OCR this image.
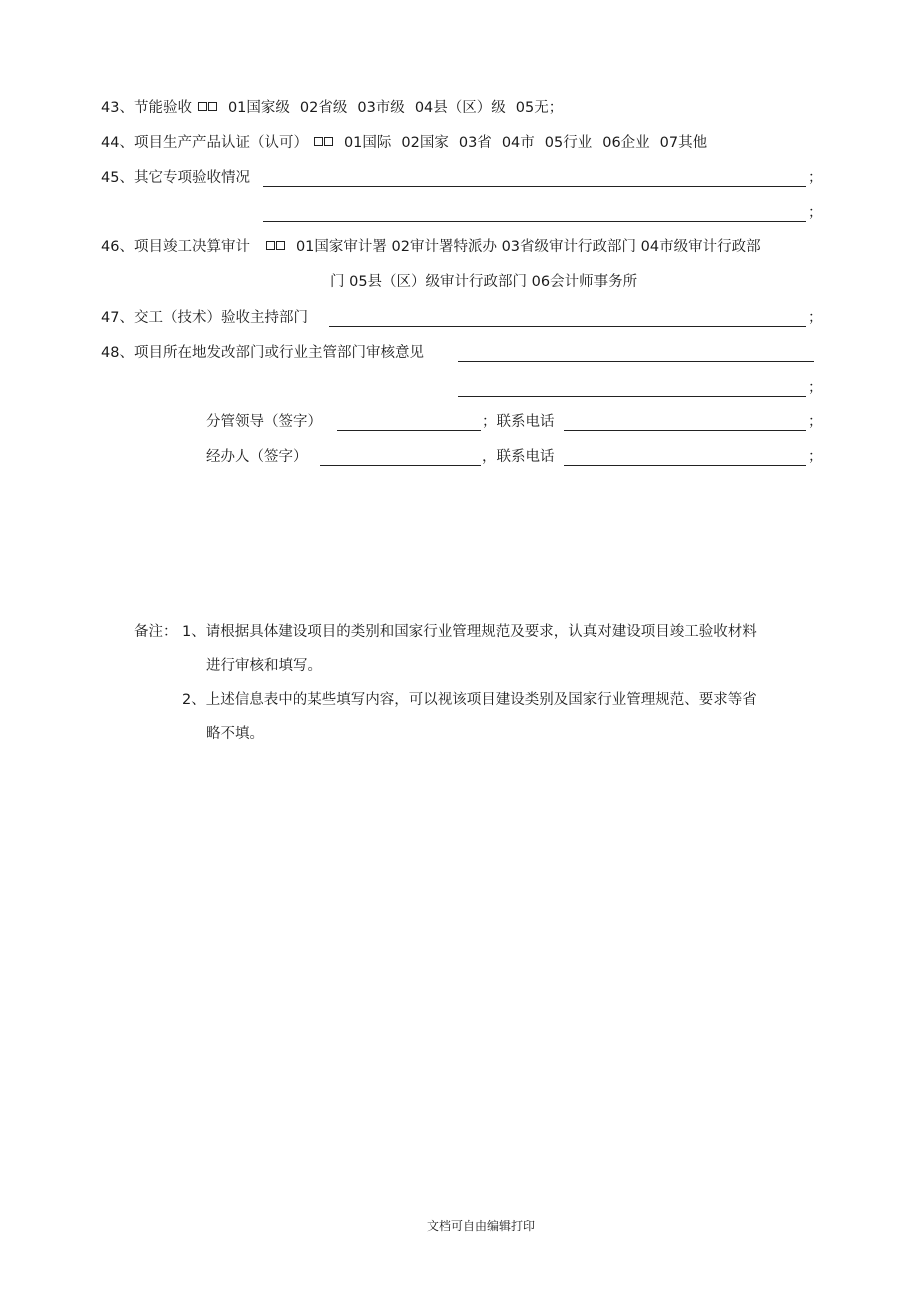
43、节能验收 01国家级 02省级 03市级 04县（区）级 05无；
44、项目生产产品认证（认可） 01国际 02国家 03省 04市 05行业 06企业 07其他
45、其它专项验收情况	；
；
46、项目竣工决算审计	01国家审计署 02审计署特派办 03省级审计行政部门 04市级审计行政部
门 05县（区）级审计行政部门 06会计师事务所
47、交工（技术）验收主持部门	；
48、项目所在地发改部门或行业主管部门审核意见
；
分管领导（签字）	；联系电话	；
经办人（签字）	，联系电话	；
备注： 1、请根据具体建设项目的类别和国家行业管理规范及要求，认真对建设项目竣工验收材料
进行审核和填写。
2、上述信息表中的某些填写内容，可以视该项目建设类别及国家行业管理规范、要求等省
略不填。
文档可自由编辑打印
